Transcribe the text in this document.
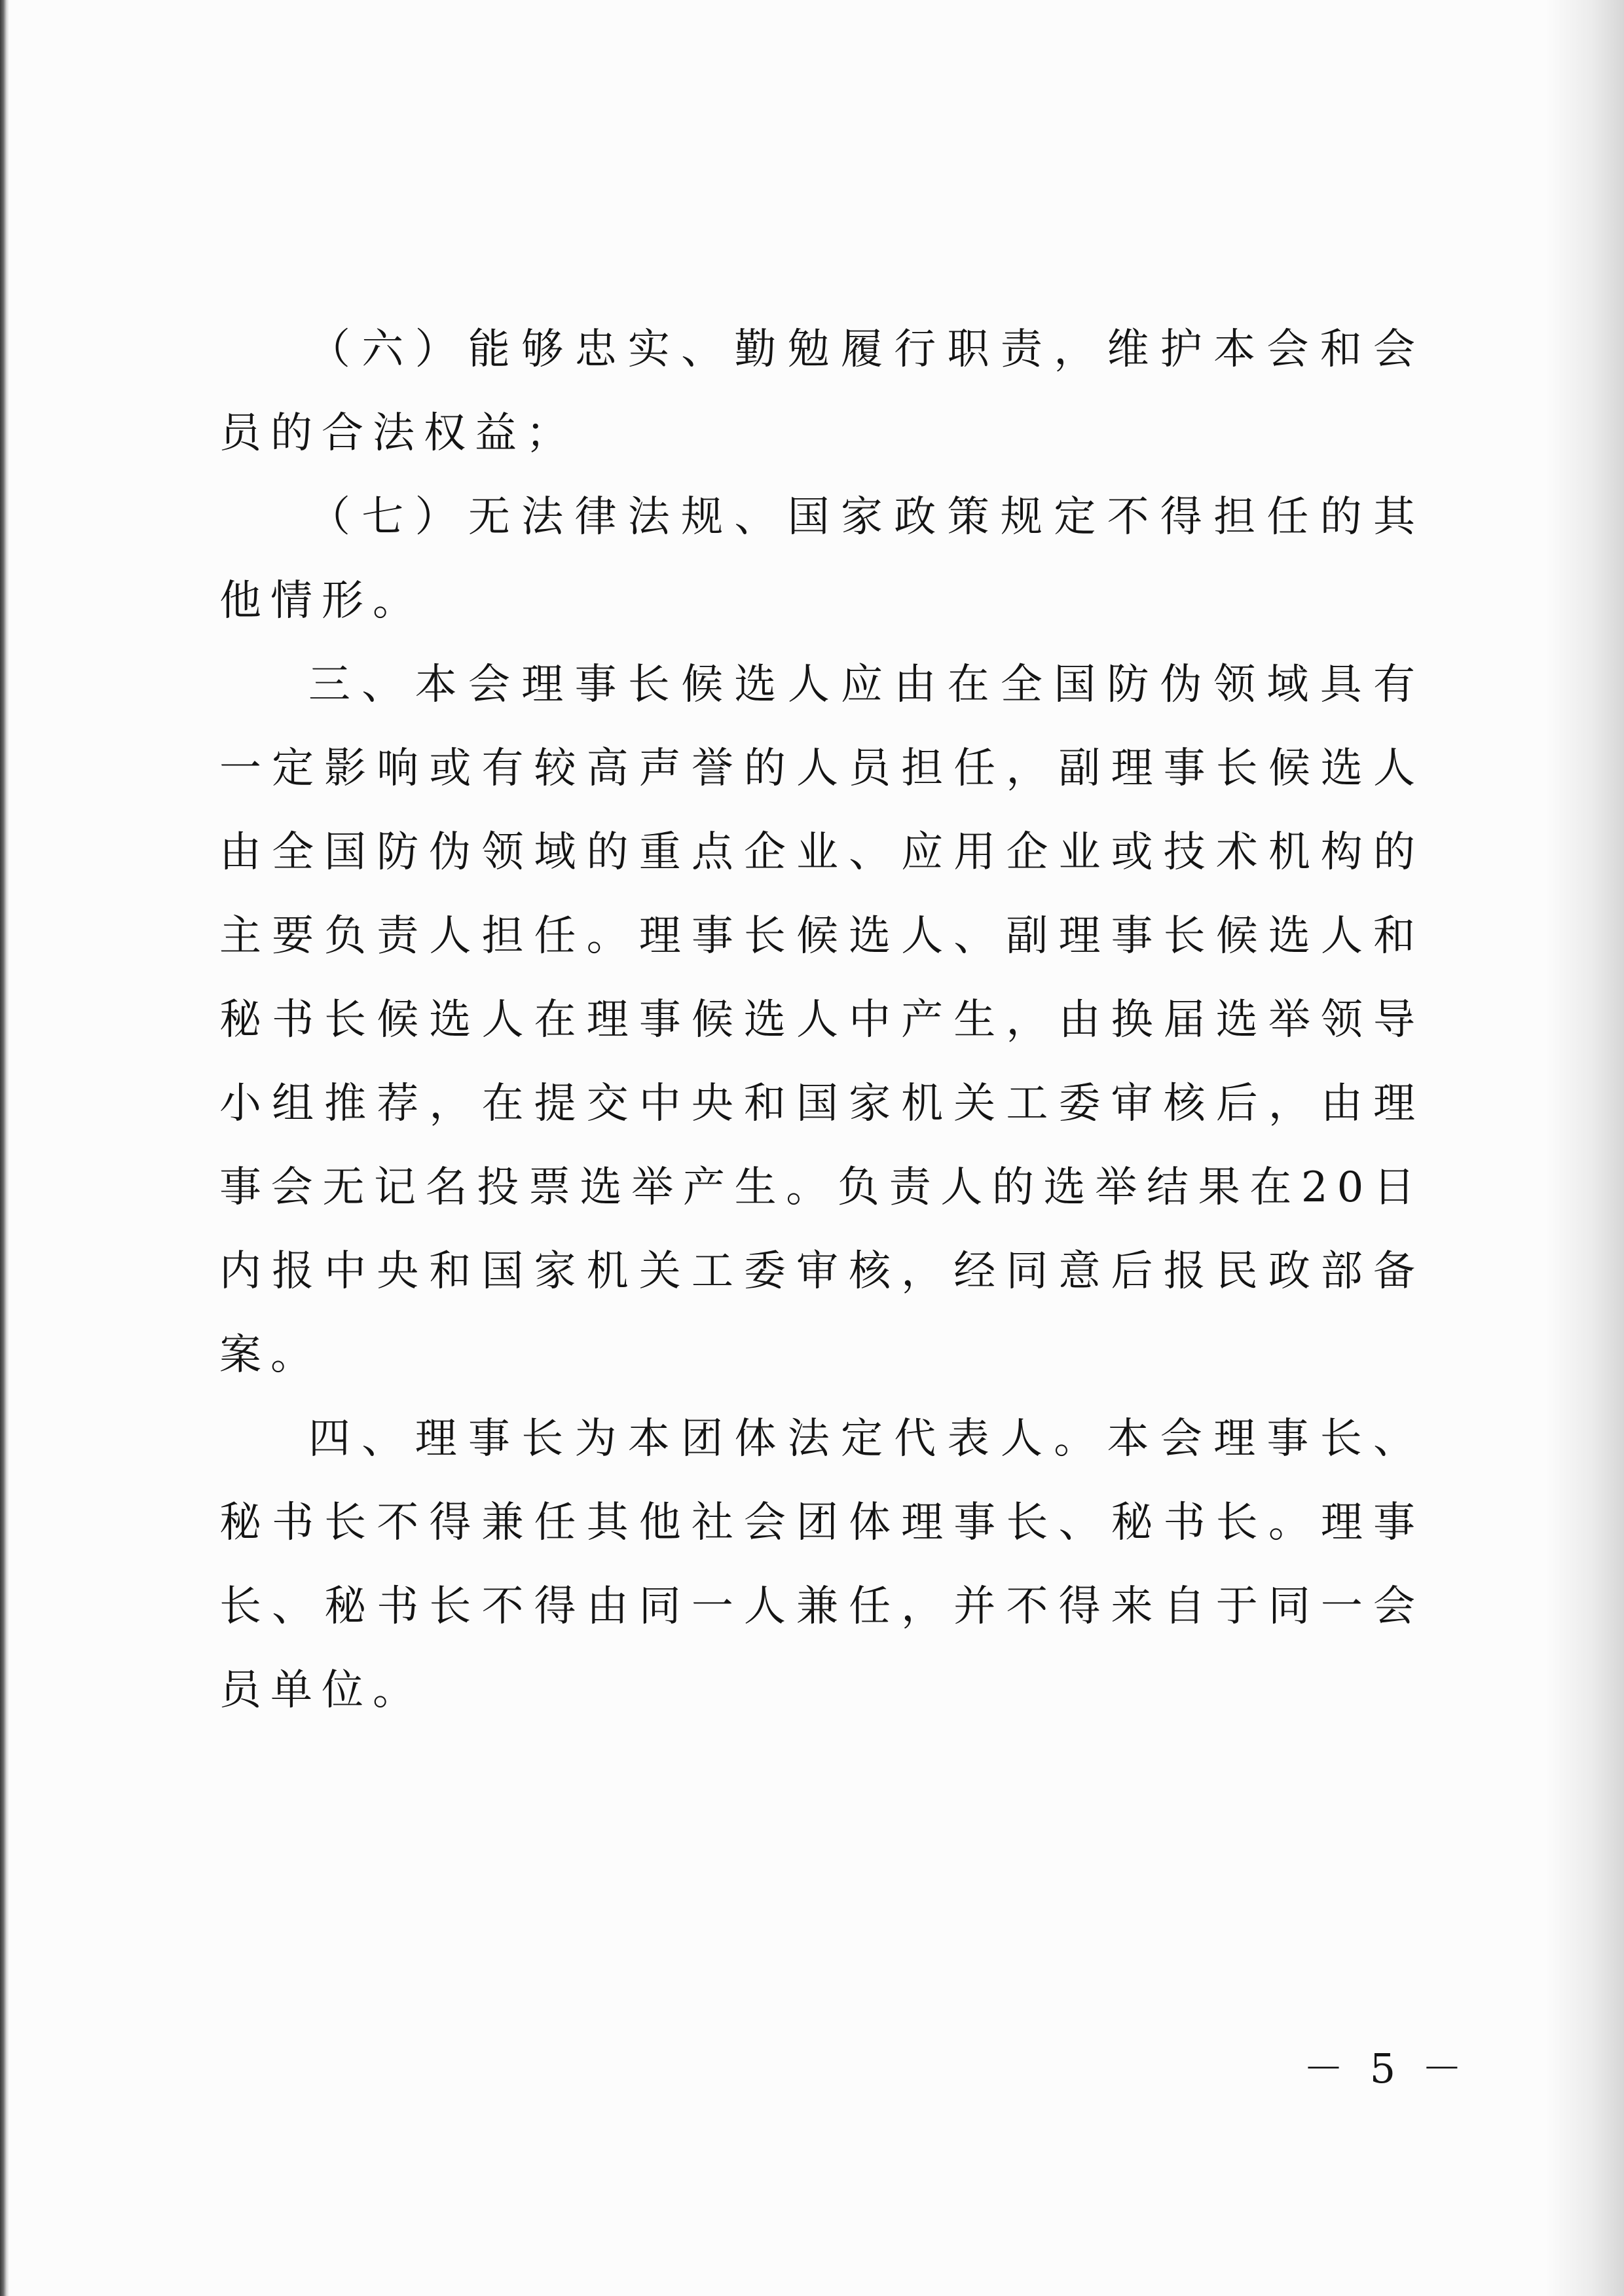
（六）能够忠实、勤勉履行职责，维护本会和会员的合法权益；

（七）无法律法规、国家政策规定不得担任的其他情形。

三、本会理事长候选人应由在全国防伪领域具有一定影响或有较高声誉的人员担任，副理事长候选人由全国防伪领域的重点企业、应用企业或技术机构的主要负责人担任。理事长候选人、副理事长候选人和秘书长候选人在理事候选人中产生，由换届选举领导小组推荐，在提交中央和国家机关工委审核后，由理事会无记名投票选举产生。负责人的选举结果在20日内报中央和国家机关工委审核，经同意后报民政部备案。

四、理事长为本团体法定代表人。本会理事长、秘书长不得兼任其他社会团体理事长、秘书长。理事长、秘书长不得由同一人兼任，并不得来自于同一会员单位。

－ 5 －
